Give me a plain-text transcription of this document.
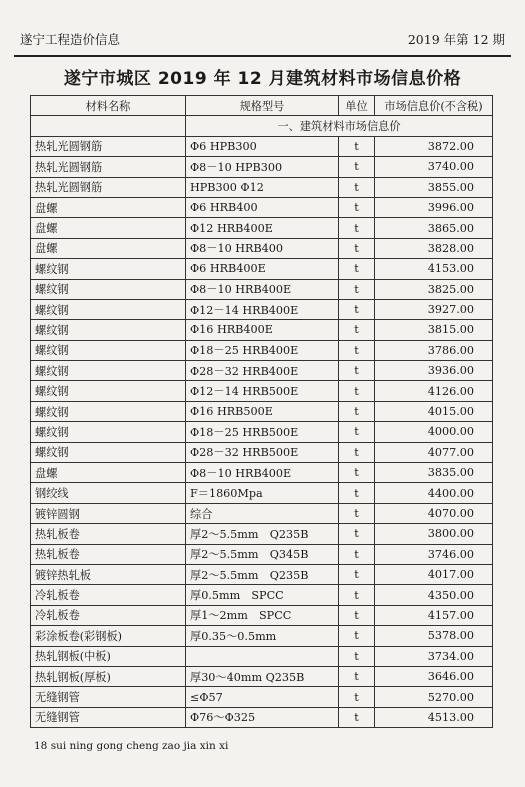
遂宁工程造价信息	2019 年第 12 期
遂宁市城区 2019 年 12 月建筑材料市场信息价格
材料名称	规格型号	单位	市场信息价(不含税)
	一、建筑材料市场信息价		
热轧光圆钢筋	Φ6 HPB300	t	3872.00
热轧光圆钢筋	Φ8－10 HPB300	t	3740.00
热轧光圆钢筋	HPB300 Φ12	t	3855.00
盘螺	Φ6 HRB400	t	3996.00
盘螺	Φ12 HRB400E	t	3865.00
盘螺	Φ8－10 HRB400	t	3828.00
螺纹钢	Φ6 HRB400E	t	4153.00
螺纹钢	Φ8－10 HRB400E	t	3825.00
螺纹钢	Φ12－14 HRB400E	t	3927.00
螺纹钢	Φ16 HRB400E	t	3815.00
螺纹钢	Φ18－25 HRB400E	t	3786.00
螺纹钢	Φ28－32 HRB400E	t	3936.00
螺纹钢	Φ12－14 HRB500E	t	4126.00
螺纹钢	Φ16 HRB500E	t	4015.00
螺纹钢	Φ18－25 HRB500E	t	4000.00
螺纹钢	Φ28－32 HRB500E	t	4077.00
盘螺	Φ8－10 HRB400E	t	3835.00
钢绞线	F＝1860Mpa	t	4400.00
镀锌圆钢	综合	t	4070.00
热轧板卷	厚2～5.5mm　Q235B	t	3800.00
热轧板卷	厚2～5.5mm　Q345B	t	3746.00
镀锌热轧板	厚2～5.5mm　Q235B	t	4017.00
冷轧板卷	厚0.5mm　SPCC	t	4350.00
冷轧板卷	厚1～2mm　SPCC	t	4157.00
彩涂板卷(彩钢板)	厚0.35～0.5mm	t	5378.00
热轧钢板(中板)		t	3734.00
热轧钢板(厚板)	厚30～40mm Q235B	t	3646.00
无缝钢管	≤Φ57	t	5270.00
无缝钢管	Φ76～Φ325	t	4513.00
18 sui ning gong cheng zao jia xin xi
